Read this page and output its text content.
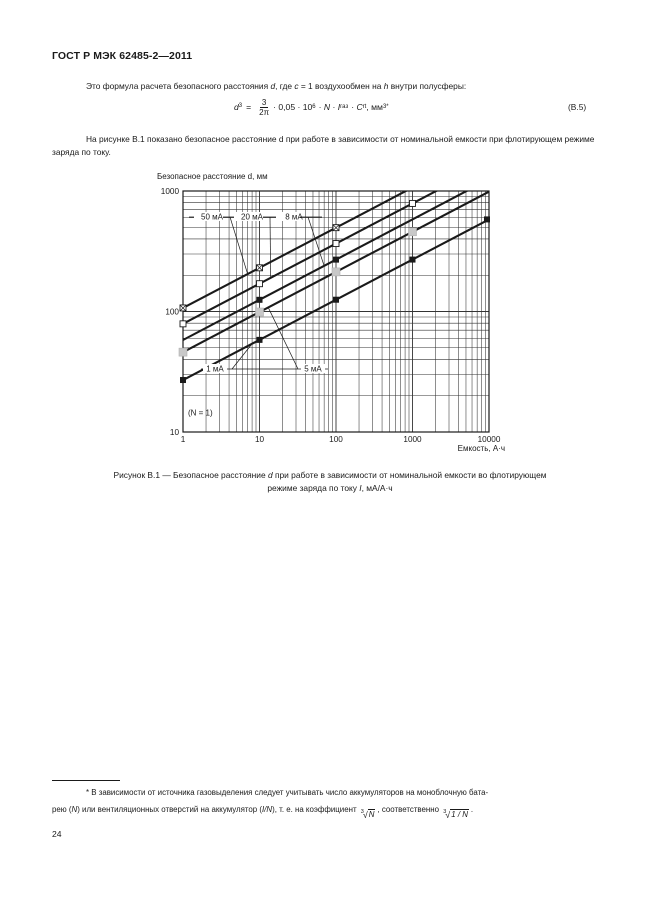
ГОСТ Р МЭК 62485-2—2011
Это формула расчета безопасного расстояния d, где c = 1 воздухообмен на h внутри полусферы:
$d^3 = \frac{3}{2\pi} \cdot 0,05 \cdot 10$ 6 · N · I газ · C rt , мм 3*	(В.5)
На рисунке В.1 показано безопасное расстояние d при работе в зависимости от номинальной емкости при флотирующем режиме заряда по току.
Безопасное расстояние d, мм
1	10	100	1000	10000
10
100
1000
Емкость, А·ч
(N = 1)
50 мА 20 мА	8 мА
1 мА	5 мА
Рисунок В.1 — Безопасное расстояние d при работе в зависимости от номинальной емкости во флотирующем
режиме заряда по току I, мА/А·ч
* В зависимости от источника газовыделения следует учитывать число аккумуляторов на моноблочную бата-
рею (N) или вентиляционных отверстий на аккумулятор (I/N), т. е. на коэффициент 3 √ N
, соответственно 3 √ 1 / N
.
24
